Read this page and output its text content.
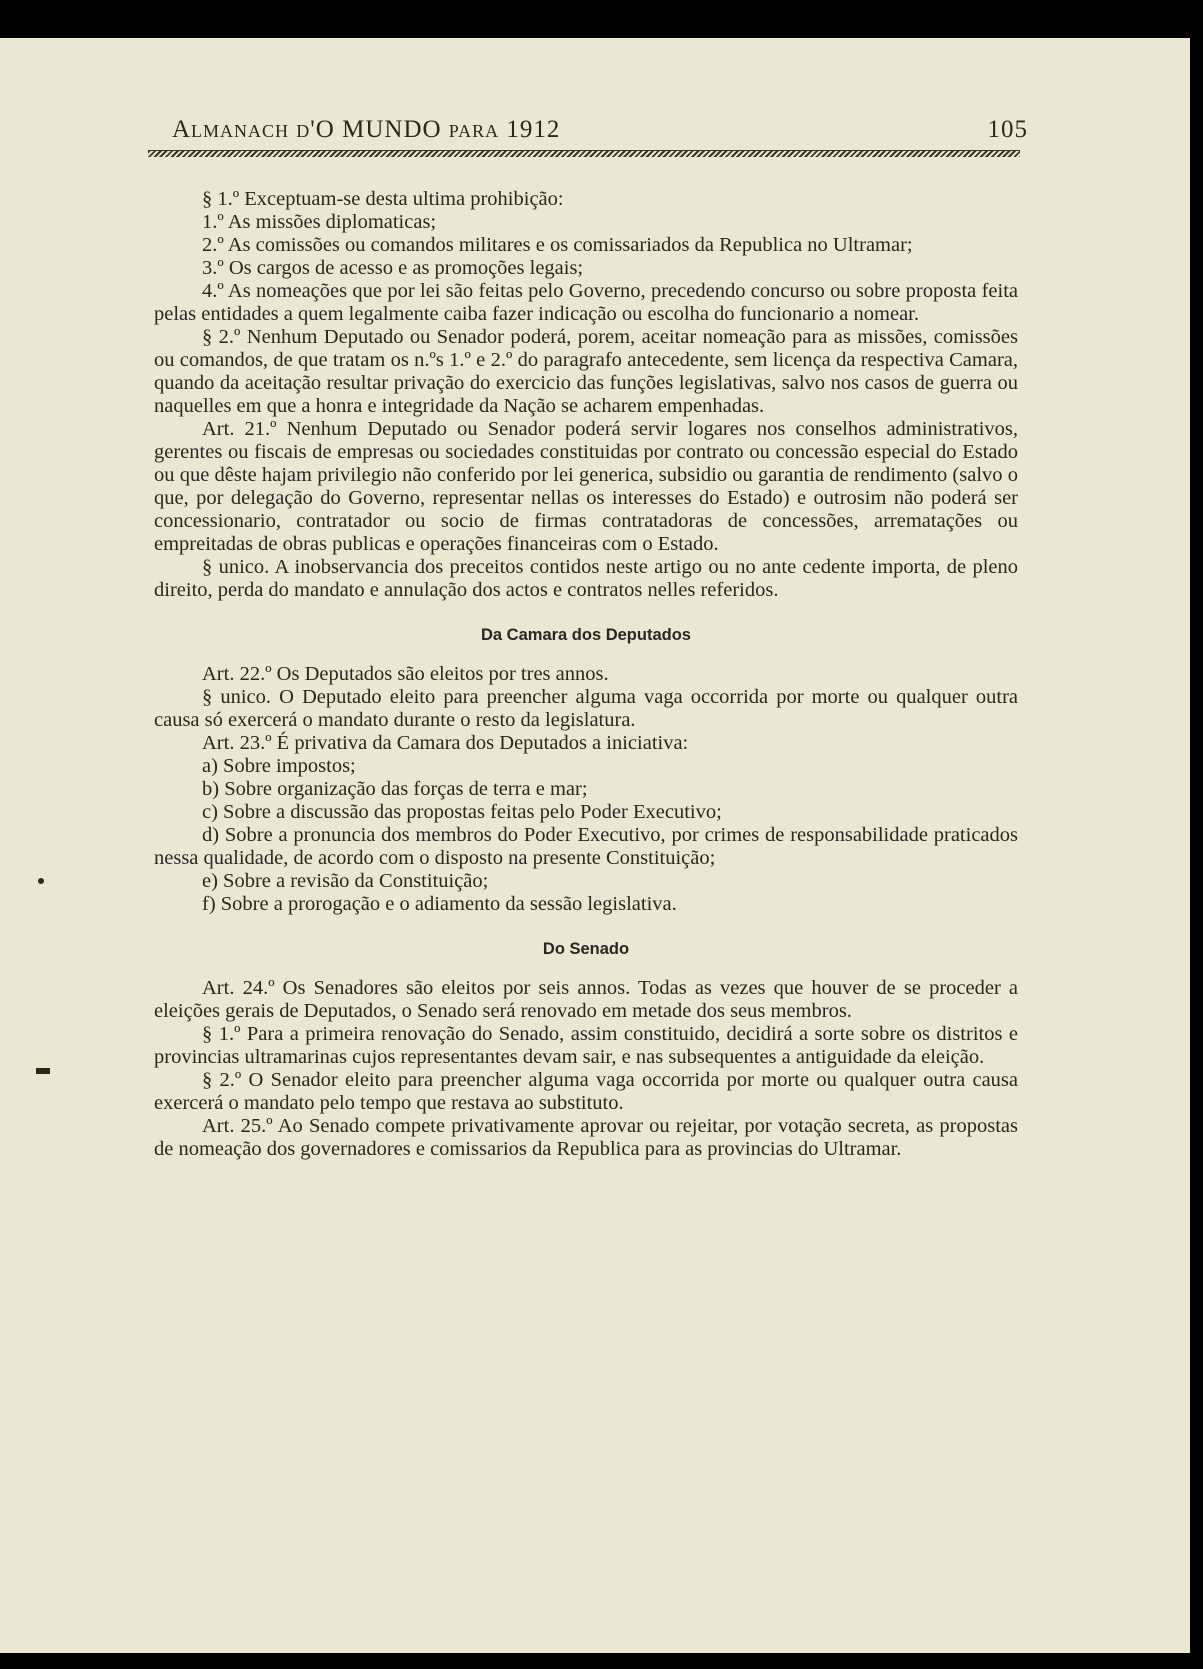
Almanach d'O MUNDO para 1912	105

§ 1.º Exceptuam-se desta ultima prohibição:

1.º As missões diplomaticas;

2.º As comissões ou comandos militares e os comissariados da Republica no Ultramar;

3.º Os cargos de acesso e as promoções legais;

4.º As nomeações que por lei são feitas pelo Governo, precedendo concurso ou sobre proposta feita pelas entidades a quem legalmente caiba fazer indicação ou escolha do funcionario a nomear.

§ 2.º Nenhum Deputado ou Senador poderá, porem, aceitar nomeação para as missões, comissões ou comandos, de que tratam os n.ºs 1.º e 2.º do paragrafo antecedente, sem licença da respectiva Camara, quando da aceitação resultar privação do exercicio das funções legislativas, salvo nos casos de guerra ou naquelles em que a honra e integridade da Nação se acharem empenhadas.

Art. 21.º Nenhum Deputado ou Senador poderá servir logares nos conselhos administrativos, gerentes ou fiscais de empresas ou sociedades constituidas por contrato ou concessão especial do Estado ou que dêste hajam privilegio não conferido por lei generica, subsidio ou garantia de rendimento (salvo o que, por delegação do Governo, representar nellas os interesses do Estado) e outrosim não poderá ser concessionario, contratador ou socio de firmas contratadoras de concessões, arrematações ou empreitadas de obras publicas e operações financeiras com o Estado.

§ unico. A inobservancia dos preceitos contidos neste artigo ou no ante cedente importa, de pleno direito, perda do mandato e annulação dos actos e contratos nelles referidos.

Da Camara dos Deputados

Art. 22.º Os Deputados são eleitos por tres annos.

§ unico. O Deputado eleito para preencher alguma vaga occorrida por morte ou qualquer outra causa só exercerá o mandato durante o resto da legislatura.

Art. 23.º É privativa da Camara dos Deputados a iniciativa:

a) Sobre impostos;

b) Sobre organização das forças de terra e mar;

c) Sobre a discussão das propostas feitas pelo Poder Executivo;

d) Sobre a pronuncia dos membros do Poder Executivo, por crimes de responsabilidade praticados nessa qualidade, de acordo com o disposto na presente Constituição;

e) Sobre a revisão da Constituição;

f) Sobre a prorogação e o adiamento da sessão legislativa.

Do Senado

Art. 24.º Os Senadores são eleitos por seis annos. Todas as vezes que houver de se proceder a eleições gerais de Deputados, o Senado será renovado em metade dos seus membros.

§ 1.º Para a primeira renovação do Senado, assim constituido, decidirá a sorte sobre os distritos e provincias ultramarinas cujos representantes devam sair, e nas subsequentes a antiguidade da eleição.

§ 2.º O Senador eleito para preencher alguma vaga occorrida por morte ou qualquer outra causa exercerá o mandato pelo tempo que restava ao substituto.

Art. 25.º Ao Senado compete privativamente aprovar ou rejeitar, por votação secreta, as propostas de nomeação dos governadores e comissarios da Republica para as provincias do Ultramar.
